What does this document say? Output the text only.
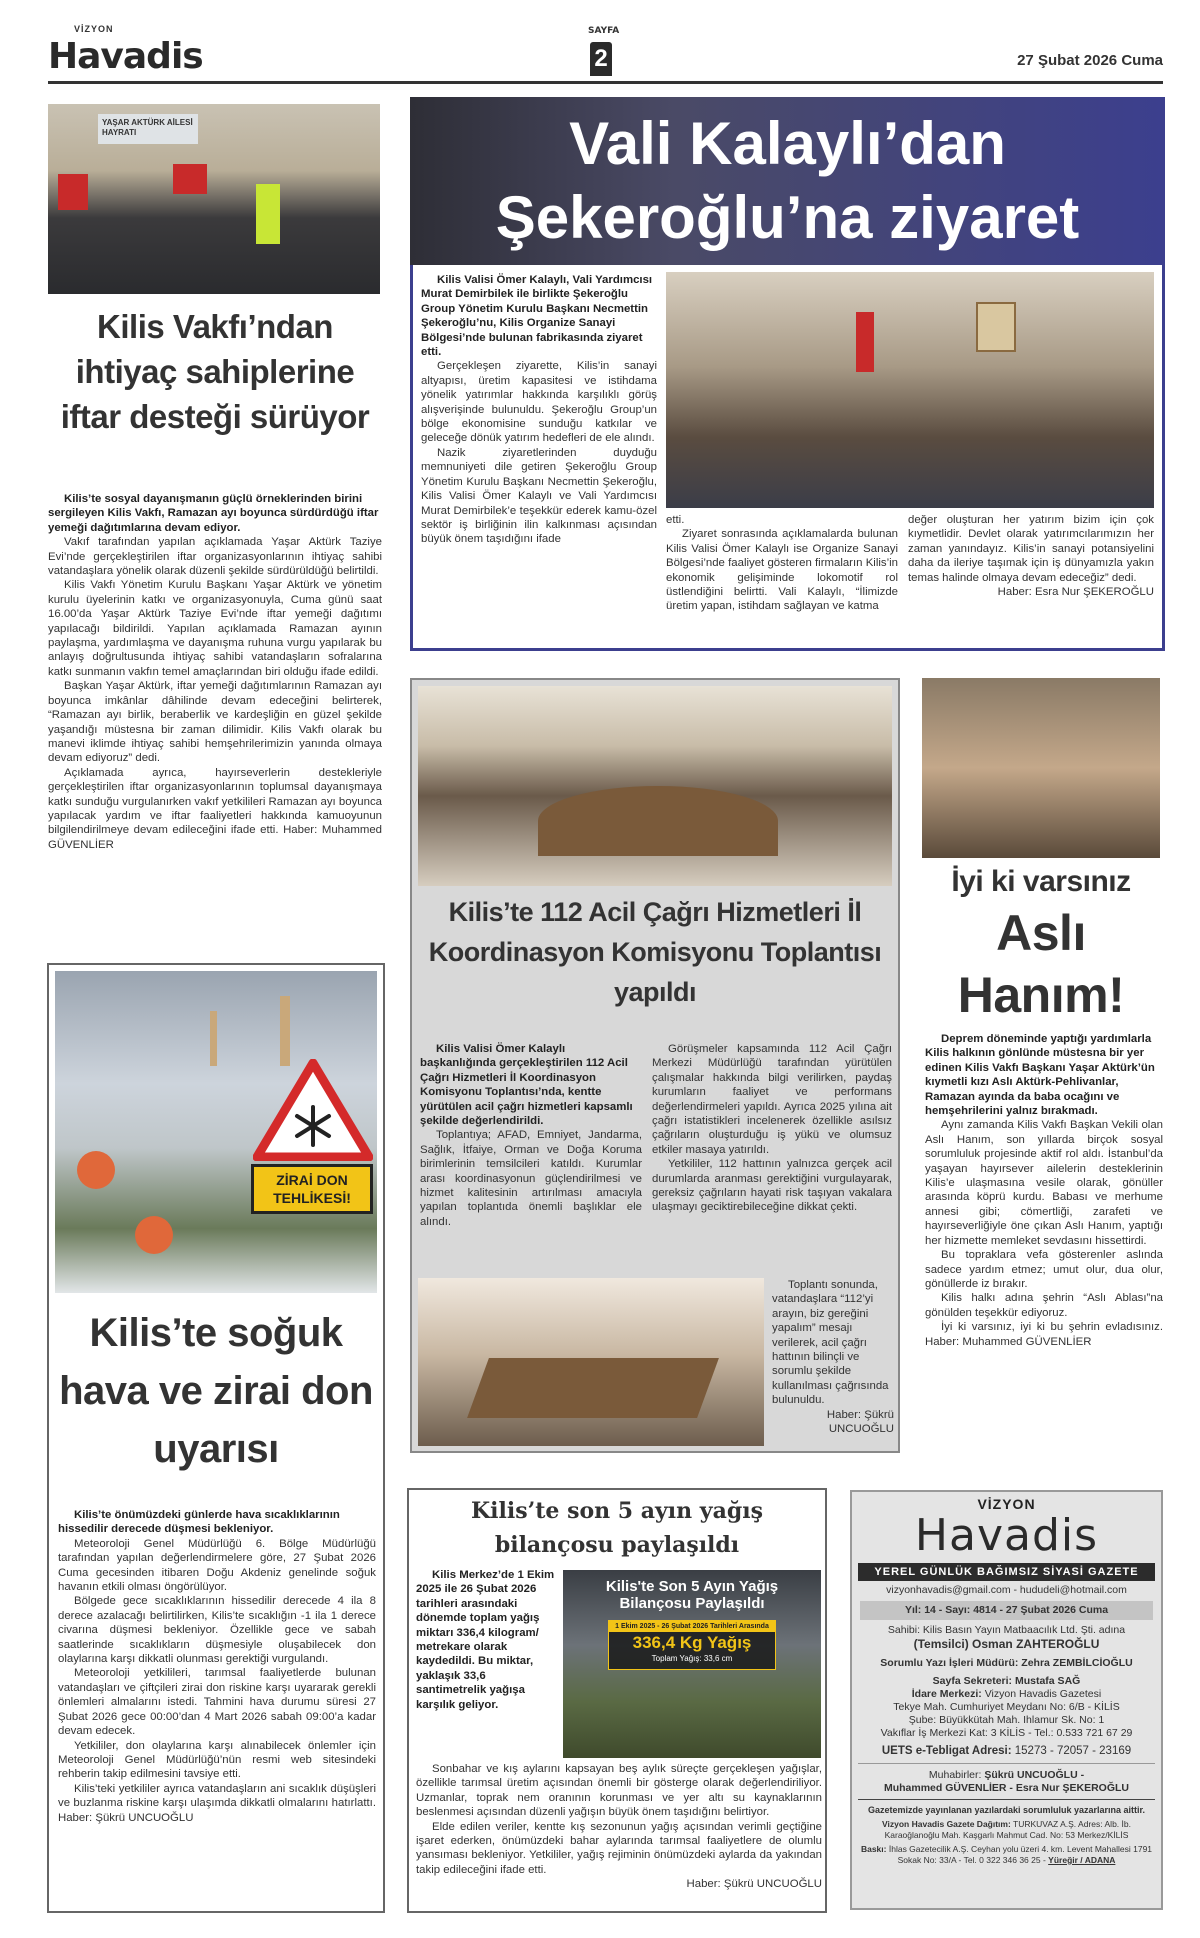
VİZYON
Havadis
SAYFA
2	27 Şubat 2026 Cuma
YAŞAR AKTÜRK AİLESİ HAYRATI
Kilis Vakfı’ndan ihtiyaç sahiplerine iftar desteği sürüyor
Kilis’te sosyal dayanışmanın güçlü örneklerinden birini sergileyen Kilis Vakfı, Ramazan ayı boyunca sürdürdüğü iftar yemeği dağıtımlarına devam ediyor.

Vakıf tarafından yapılan açıklamada Yaşar Aktürk Taziye Evi’nde gerçekleştirilen iftar organizasyonlarının ihtiyaç sahibi vatandaşlara yönelik olarak düzenli şekilde sürdürüldüğü belirtildi.

Kilis Vakfı Yönetim Kurulu Başkanı Yaşar Aktürk ve yönetim kurulu üyelerinin katkı ve organizasyonuyla, Cuma günü saat 16.00’da Yaşar Aktürk Taziye Evi’nde iftar yemeği dağıtımı yapılacağı bildirildi. Yapılan açıklamada Ramazan ayının paylaşma, yardımlaşma ve dayanışma ruhuna vurgu yapılarak bu anlayış doğrultusunda ihtiyaç sahibi vatandaşların sofralarına katkı sunmanın vakfın temel amaçlarından biri olduğu ifade edildi.

Başkan Yaşar Aktürk, iftar yemeği dağıtımlarının Ramazan ayı boyunca imkânlar dâhilinde devam edeceğini belirterek, “Ramazan ayı birlik, beraberlik ve kardeşliğin en güzel şekilde yaşandığı müstesna bir zaman dilimidir. Kilis Vakfı olarak bu manevi iklimde ihtiyaç sahibi hemşehrilerimizin yanında olmaya devam ediyoruz” dedi.

Açıklamada ayrıca, hayırseverlerin destekleriyle gerçekleştirilen iftar organizasyonlarının toplumsal dayanışmaya katkı sunduğu vurgulanırken vakıf yetkilileri Ramazan ayı boyunca yapılacak yardım ve iftar faaliyetleri hakkında kamuoyunun bilgilendirilmeye devam edileceğini ifade etti. Haber: Muhammed GÜVENLİER

Vali Kalaylı’dan
Şekeroğlu’na ziyaret
Kilis Valisi Ömer Kalaylı, Vali Yardımcısı Murat Demirbilek ile birlikte Şekeroğlu Group Yönetim Kurulu Başkanı Necmettin Şekeroğlu’nu, Kilis Organize Sanayi Bölgesi’nde bulunan fabrikasında ziyaret etti.

Gerçekleşen ziyarette, Kilis’in sanayi altyapısı, üretim kapasitesi ve istihdama yönelik yatırımlar hakkında karşılıklı görüş alışverişinde bulunuldu. Şekeroğlu Group’un bölge ekonomisine sunduğu katkılar ve geleceğe dönük yatırım hedefleri de ele alındı.

Nazik ziyaretlerinden duyduğu memnuniyeti dile getiren Şekeroğlu Group Yönetim Kurulu Başkanı Necmettin Şekeroğlu, Kilis Valisi Ömer Kalaylı ve Vali Yardımcısı Murat Demirbilek’e teşekkür ederek kamu-özel sektör iş birliğinin ilin kalkınması açısından büyük önem taşıdığını ifade

etti.

Ziyaret sonrasında açıklamalarda bulunan Kilis Valisi Ömer Kalaylı ise Organize Sanayi Bölgesi’nde faaliyet gösteren firmaların Kilis’in ekonomik gelişiminde lokomotif rol üstlendiğini belirtti. Vali Kalaylı, “İlimizde üretim yapan, istihdam sağlayan ve katma

değer oluşturan her yatırım bizim için çok kıymetlidir. Devlet olarak yatırımcılarımızın her zaman yanındayız. Kilis’in sanayi potansiyelini daha da ileriye taşımak için iş dünyamızla yakın temas halinde olmaya devam edeceğiz” dedi.
Haber: Esra Nur ŞEKEROĞLU
Kilis’te 112 Acil Çağrı Hizmetleri İl Koordinasyon Komisyonu Toplantısı yapıldı
Kilis Valisi Ömer Kalaylı başkanlığında gerçekleştirilen 112 Acil Çağrı Hizmetleri İl Koordinasyon Komisyonu Toplantısı’nda, kentte yürütülen acil çağrı hizmetleri kapsamlı şekilde değerlendirildi.

Toplantıya; AFAD, Emniyet, Jandarma, Sağlık, İtfaiye, Orman ve Doğa Koruma birimlerinin temsilcileri katıldı. Kurumlar arası koordinasyonun güçlendirilmesi ve hizmet kalitesinin artırılması amacıyla yapılan toplantıda önemli başlıklar ele alındı.

Görüşmeler kapsamında 112 Acil Çağrı Merkezi Müdürlüğü tarafından yürütülen çalışmalar hakkında bilgi verilirken, paydaş kurumların faaliyet ve performans değerlendirmeleri yapıldı. Ayrıca 2025 yılına ait çağrı istatistikleri incelenerek özellikle asılsız çağrıların oluşturduğu iş yükü ve olumsuz etkiler masaya yatırıldı.

Yetkililer, 112 hattının yalnızca gerçek acil durumlarda aranması gerektiğini vurgulayarak, gereksiz çağrıların hayati risk taşıyan vakalara ulaşmayı geciktirebileceğine dikkat çekti.

Toplantı sonunda, vatandaşlara “112’yi arayın, biz gereğini yapalım” mesajı verilerek, acil çağrı hattının bilinçli ve sorumlu şekilde kullanılması çağrısında bulunuldu.

Haber: Şükrü
UNCUOĞLU
İyi ki varsınız
Aslı
Hanım!
Deprem döneminde yaptığı yardımlarla Kilis halkının gönlünde müstesna bir yer edinen Kilis Vakfı Başkanı Yaşar Aktürk’ün kıymetli kızı Aslı Aktürk-Pehlivanlar, Ramazan ayında da baba ocağını ve hemşehrilerini yalnız bırakmadı.

Aynı zamanda Kilis Vakfı Başkan Vekili olan Aslı Hanım, son yıllarda birçok sosyal sorumluluk projesinde aktif rol aldı. İstanbul’da yaşayan hayırsever ailelerin desteklerinin Kilis’e ulaşmasına vesile olarak, gönüller arasında köprü kurdu. Babası ve merhume annesi gibi; cömertliği, zarafeti ve hayırseverliğiyle öne çıkan Aslı Hanım, yaptığı her hizmette memleket sevdasını hissettirdi.

Bu topraklara vefa gösterenler aslında sadece yardım etmez; umut olur, dua olur, gönüllerde iz bırakır.

Kilis halkı adına şehrin “Aslı Ablası”na gönülden teşekkür ediyoruz.

İyi ki varsınız, iyi ki bu şehrin evladısınız. Haber: Muhammed GÜVENLİER

ZİRAİ DON
TEHLİKESİ!
Kilis’te soğuk hava ve zirai don uyarısı
Kilis’te önümüzdeki günlerde hava sıcaklıklarının hissedilir derecede düşmesi bekleniyor.

Meteoroloji Genel Müdürlüğü 6. Bölge Müdürlüğü tarafından yapılan değerlendirmelere göre, 27 Şubat 2026 Cuma gecesinden itibaren Doğu Akdeniz genelinde soğuk havanın etkili olması öngörülüyor.

Bölgede gece sıcaklıklarının hissedilir derecede 4 ila 8 derece azalacağı belirtilirken, Kilis’te sıcaklığın -1 ila 1 derece civarına düşmesi bekleniyor. Özellikle gece ve sabah saatlerinde sıcaklıkların düşmesiyle oluşabilecek don olaylarına karşı dikkatli olunması gerektiği vurgulandı.

Meteoroloji yetkilileri, tarımsal faaliyetlerde bulunan vatandaşları ve çiftçileri zirai don riskine karşı uyararak gerekli önlemleri almalarını istedi. Tahmini hava durumu süresi 27 Şubat 2026 gece 00:00’dan 4 Mart 2026 sabah 09:00’a kadar devam edecek.

Yetkililer, don olaylarına karşı alınabilecek önlemler için Meteoroloji Genel Müdürlüğü’nün resmi web sitesindeki rehberin takip edilmesini tavsiye etti.

Kilis’teki yetkililer ayrıca vatandaşların ani sıcaklık düşüşleri ve buzlanma riskine karşı ulaşımda dikkatli olmalarını hatırlattı. Haber: Şükrü UNCUOĞLU

Kilis’te son 5 ayın yağış bilançosu paylaşıldı
Kilis Merkez’de 1 Ekim 2025 ile 26 Şubat 2026 tarihleri arasındaki dönemde toplam yağış miktarı 336,4 kilogram/ metrekare olarak kaydedildi. Bu miktar, yaklaşık 33,6 santimetrelik yağışa karşılık geliyor.
Kilis'te Son 5 Ayın Yağış
Bilançosu Paylaşıldı
1 Ekim 2025 - 26 Şubat 2026 Tarihleri Arasında
336,4 Kg Yağış
Toplam Yağış: 33,6 cm

Sonbahar ve kış aylarını kapsayan beş aylık süreçte gerçekleşen yağışlar, özellikle tarımsal üretim açısından önemli bir gösterge olarak değerlendiriliyor. Uzmanlar, toprak nem oranının korunması ve yer altı su kaynaklarının beslenmesi açısından düzenli yağışın büyük önem taşıdığını belirtiyor.

Elde edilen veriler, kentte kış sezonunun yağış açısından verimli geçtiğine işaret ederken, önümüzdeki bahar aylarında tarımsal faaliyetlere de olumlu yansıması bekleniyor. Yetkililer, yağış rejiminin önümüzdeki aylarda da yakından takip edileceğini ifade etti.

Haber: Şükrü UNCUOĞLU
VİZYON
Havadis
YEREL GÜNLÜK BAĞIMSIZ SİYASİ GAZETE
vizyonhavadis@gmail.com - hududeli@hotmail.com
Yıl: 14 - Sayı: 4814 - 27 Şubat 2026 Cuma
Sahibi: Kilis Basın Yayın Matbaacılık Ltd. Şti. adına
(Temsilci) Osman ZAHTEROĞLU
Sorumlu Yazı İşleri Müdürü: Zehra ZEMBİLCİOĞLU
Sayfa Sekreteri: Mustafa SAĞ
İdare Merkezi: Vizyon Havadis Gazetesi
Tekye Mah. Cumhuriyet Meydanı No: 6/B - KİLİS
Şube: Büyükkütah Mah. Ihlamur Sk. No: 1
Vakıflar İş Merkezi Kat: 3 KİLİS - Tel.: 0.533 721 67 29
UETS e-Tebligat Adresi: 15273 - 72057 - 23169
Muhabirler: Şükrü UNCUOĞLU -
Muhammed GÜVENLİER - Esra Nur ŞEKEROĞLU
Gazetemizde yayınlanan yazılardaki sorumluluk yazarlarına aittir.
Vizyon Havadis Gazete Dağıtım: TURKUVAZ A.Ş. Adres: Alb. İb. Karaoğlanoğlu Mah. Kaşgarlı Mahmut Cad. No: 53 Merkez/KİLİS
Baskı: İhlas Gazetecilik A.Ş. Ceyhan yolu üzeri 4. km. Levent Mahallesi 1791 Sokak No: 33/A - Tel. 0 322 346 36 25 - Yüreğir / ADANA
